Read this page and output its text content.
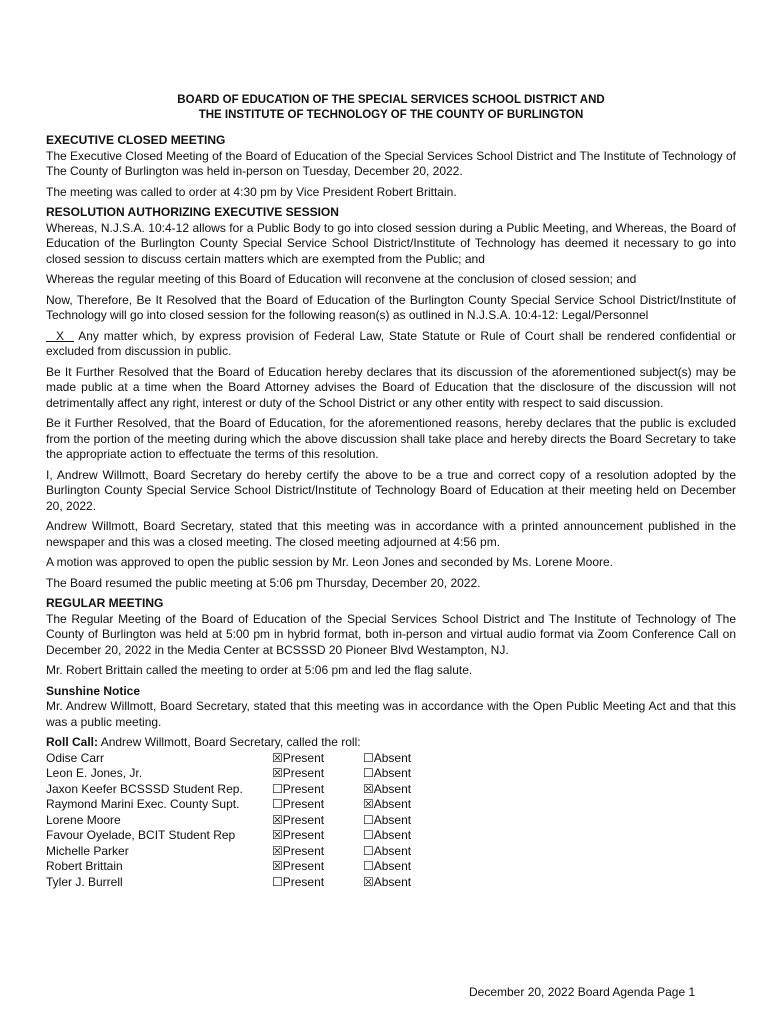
BOARD OF EDUCATION OF THE SPECIAL SERVICES SCHOOL DISTRICT AND
THE INSTITUTE OF TECHNOLOGY OF THE COUNTY OF BURLINGTON
EXECUTIVE CLOSED MEETING

The Executive Closed Meeting of the Board of Education of the Special Services School District and The Institute of Technology of The County of Burlington was held in-person on Tuesday, December 20, 2022.

The meeting was called to order at 4:30 pm by Vice President Robert Brittain.

RESOLUTION AUTHORIZING EXECUTIVE SESSION

Whereas, N.J.S.A. 10:4-12 allows for a Public Body to go into closed session during a Public Meeting, and Whereas, the Board of Education of the Burlington County Special Service School District/Institute of Technology has deemed it necessary to go into closed session to discuss certain matters which are exempted from the Public; and

Whereas the regular meeting of this Board of Education will reconvene at the conclusion of closed session; and

Now, Therefore, Be It Resolved that the Board of Education of the Burlington County Special Service School District/Institute of Technology will go into closed session for the following reason(s) as outlined in N.J.S.A. 10:4-12: Legal/Personnel

X    Any matter which, by express provision of Federal Law, State Statute or Rule of Court shall be rendered confidential or excluded from discussion in public.

Be It Further Resolved that the Board of Education hereby declares that its discussion of the aforementioned subject(s) may be made public at a time when the Board Attorney advises the Board of Education that the disclosure of the discussion will not detrimentally affect any right, interest or duty of the School District or any other entity with respect to said discussion.

Be it Further Resolved, that the Board of Education, for the aforementioned reasons, hereby declares that the public is excluded from the portion of the meeting during which the above discussion shall take place and hereby directs the Board Secretary to take the appropriate action to effectuate the terms of this resolution.

I, Andrew Willmott, Board Secretary do hereby certify the above to be a true and correct copy of a resolution adopted by the Burlington County Special Service School District/Institute of Technology Board of Education at their meeting held on December 20, 2022.

Andrew Willmott, Board Secretary, stated that this meeting was in accordance with a printed announcement published in the newspaper and this was a closed meeting. The closed meeting adjourned at 4:56 pm.

A motion was approved to open the public session by Mr. Leon Jones and seconded by Ms. Lorene Moore.

The Board resumed the public meeting at 5:06 pm Thursday, December 20, 2022.

REGULAR MEETING

The Regular Meeting of the Board of Education of the Special Services School District and The Institute of Technology of The County of Burlington was held at 5:00 pm in hybrid format, both in-person and virtual audio format via Zoom Conference Call on December 20, 2022 in the Media Center at BCSSSD 20 Pioneer Blvd Westampton, NJ.

Mr. Robert Brittain called the meeting to order at 5:06 pm and led the flag salute.

Sunshine Notice

Mr. Andrew Willmott, Board Secretary, stated that this meeting was in accordance with the Open Public Meeting Act and that this was a public meeting.

Roll Call: Andrew Willmott, Board Secretary, called the roll:
Odise Carr	☒Present	☐Absent
Leon E. Jones, Jr.	☒Present	☐Absent
Jaxon Keefer BCSSSD Student Rep.	☐Present	☒Absent
Raymond Marini Exec. County Supt.	☐Present	☒Absent
Lorene Moore	☒Present	☐Absent
Favour Oyelade, BCIT Student Rep	☒Present	☐Absent
Michelle Parker	☒Present	☐Absent
Robert Brittain	☒Present	☐Absent
Tyler J. Burrell	☐Present	☒Absent
December 20, 2022 Board Agenda Page 1
